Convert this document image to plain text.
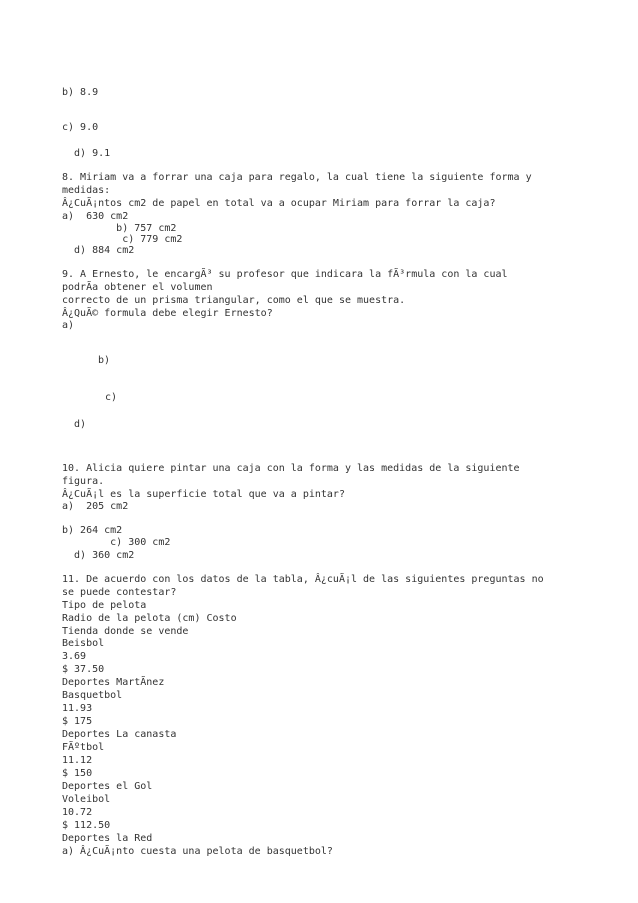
b) 8.9
c) 9.0
d) 9.1
8. Miriam va a forrar una caja para regalo, la cual tiene la siguiente forma y
medidas:
Â¿CuÃ¡ntos cm2 de papel en total va a ocupar Miriam para forrar la caja?
a)  630 cm2
b) 757 cm2
c) 779 cm2
d) 884 cm2
9. A Ernesto, le encargÃ³ su profesor que indicara la fÃ³rmula con la cual
podrÃa obtener el volumen
correcto de un prisma triangular, como el que se muestra.
Â¿QuÃ© formula debe elegir Ernesto?
a)
b)
c)
d)
10. Alicia quiere pintar una caja con la forma y las medidas de la siguiente
figura.
Â¿CuÃ¡l es la superficie total que va a pintar?
a)  205 cm2
b) 264 cm2
c) 300 cm2
d) 360 cm2
11. De acuerdo con los datos de la tabla, Â¿cuÃ¡l de las siguientes preguntas no
se puede contestar?
Tipo de pelota
Radio de la pelota (cm) Costo
Tienda donde se vende
Beisbol
3.69
$ 37.50
Deportes MartÃnez
Basquetbol
11.93
$ 175
Deportes La canasta
FÃºtbol
11.12
$ 150
Deportes el Gol
Voleibol
10.72
$ 112.50
Deportes la Red
a) Â¿CuÃ¡nto cuesta una pelota de basquetbol?
